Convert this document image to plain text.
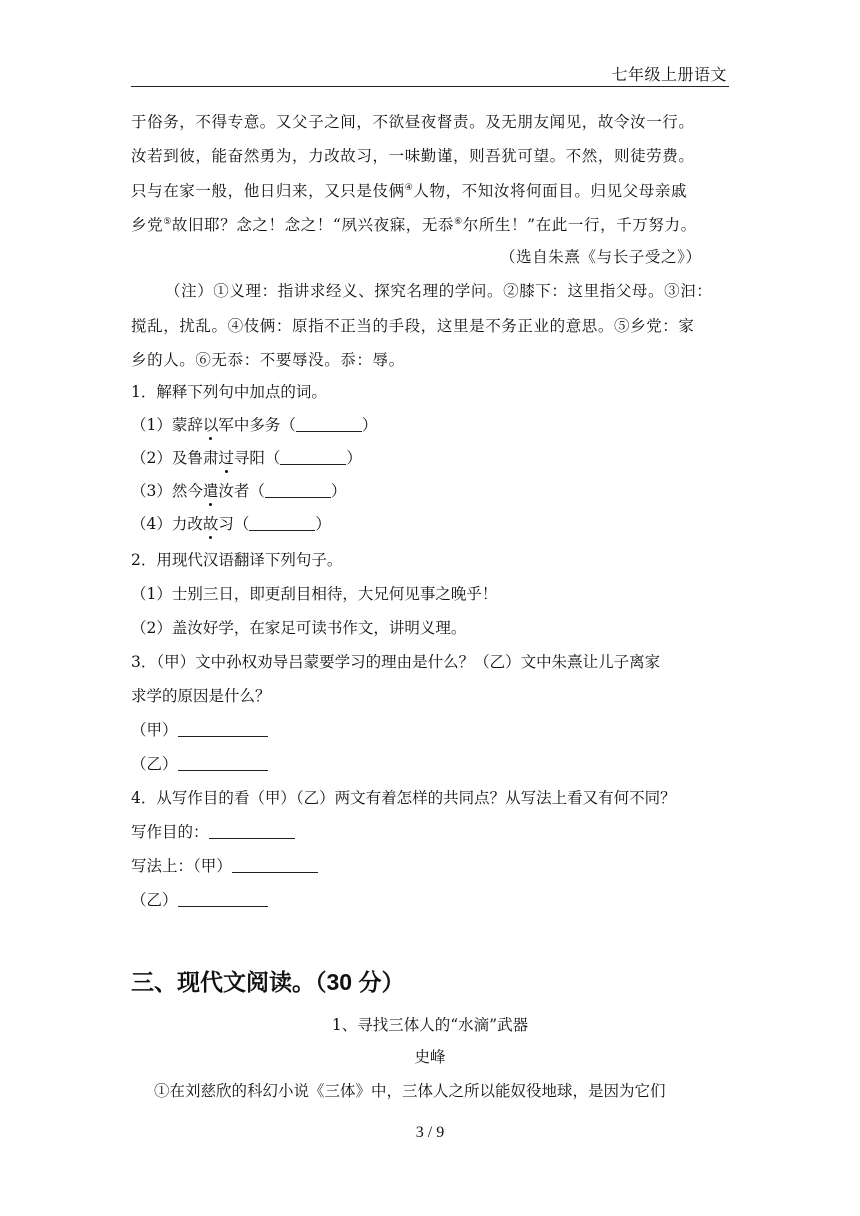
七年级上册语文
于俗务，不得专意。又父子之间，不欲昼夜督责。及无朋友闻见，故令汝一行。
汝若到彼，能奋然勇为，力改故习，一味勤谨，则吾犹可望。不然，则徒劳费。
只与在家一般，他日归来，又只是伎俩④人物，不知汝将何面目。归见父母亲戚
乡党⑤故旧耶？念之！念之！“夙兴夜寐，无忝⑥尔所生！”在此一行，千万努力。
（选自朱熹《与长子受之》）
（注）①义理：指讲求经义、探究名理的学问。②膝下：这里指父母。③汩：
搅乱，扰乱。④伎俩：原指不正当的手段，这里是不务正业的意思。⑤乡党：家
乡的人。⑥无忝：不要辱没。忝：辱。
1．解释下列句中加点的词。
（1）蒙辞以军中多务（	）
（2）及鲁肃过寻阳（	）
（3）然今遣汝者（	）
（4）力改故习（	）
2．用现代汉语翻译下列句子。
（1）士别三日，即更刮目相待，大兄何见事之晚乎！
（2）盖汝好学，在家足可读书作文，讲明义理。
3．（甲）文中孙权劝导吕蒙要学习的理由是什么？（乙）文中朱熹让儿子离家
求学的原因是什么？
（甲）
（乙）
4．从写作目的看（甲）（乙）两文有着怎样的共同点？从写法上看又有何不同？
写作目的：
写法上：（甲）
（乙）
三、现代文阅读。（30 分）
1、寻找三体人的“水滴”武器
史峰
①在刘慈欣的科幻小说《三体》中，三体人之所以能奴役地球，是因为它们
3 / 9
